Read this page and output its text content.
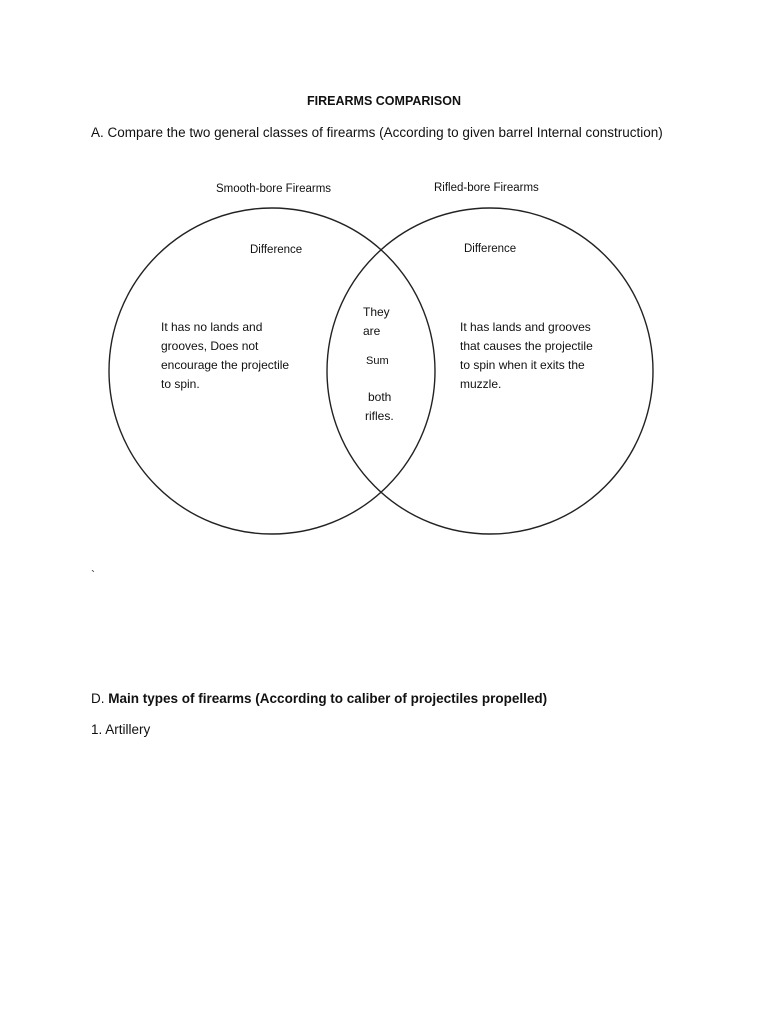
FIREARMS COMPARISON
A. Compare the two general classes of firearms (According to given barrel Internal construction)
Smooth-bore Firearms	Rifled-bore Firearms
Difference	Difference
It has no lands and
grooves, Does not
encourage the projectile
to spin.
It has lands and grooves
that causes the projectile
to spin when it exits the
muzzle.
They
are
Sum
both
rifles.
`
D. Main types of firearms (According to caliber of projectiles propelled)
1. Artillery
